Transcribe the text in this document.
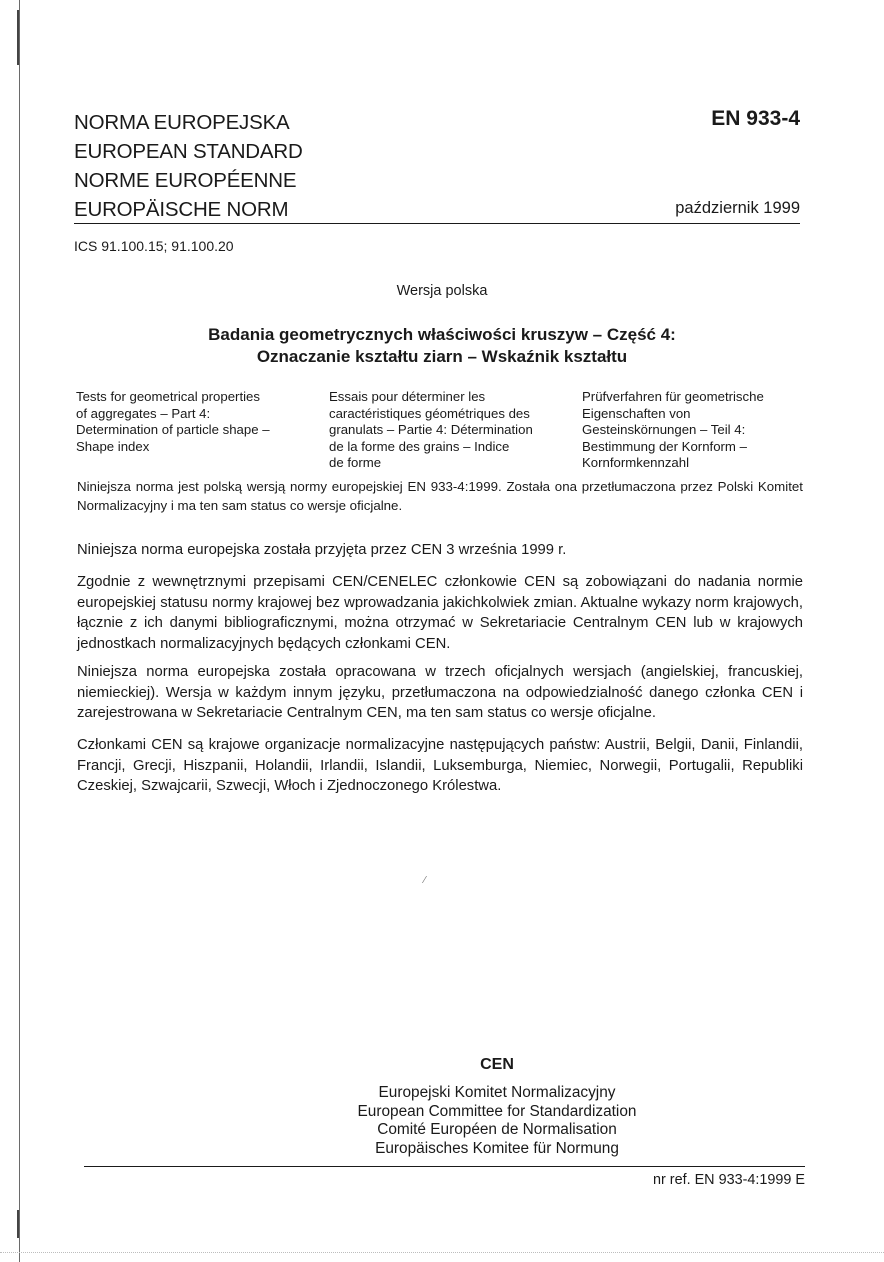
NORMA EUROPEJSKA
EUROPEAN STANDARD
NORME EUROPÉENNE
EUROPÄISCHE NORM
EN 933-4
październik 1999
ICS 91.100.15; 91.100.20
Wersja polska
Badania geometrycznych właściwości kruszyw – Część 4:
Oznaczanie kształtu ziarn – Wskaźnik kształtu
Tests for geometrical properties
of aggregates – Part 4:
Determination of particle shape –
Shape index
Essais pour déterminer les
caractéristiques géométriques des
granulats – Partie 4: Détermination
de la forme des grains – Indice
de forme
Prüfverfahren für geometrische
Eigenschaften von
Gesteinskörnungen – Teil 4:
Bestimmung der Kornform –
Kornformkennzahl

Niniejsza norma jest polską wersją normy europejskiej EN 933-4:1999. Została ona przetłumaczona przez Polski Komitet Normalizacyjny i ma ten sam status co wersje oficjalne.

Niniejsza norma europejska została przyjęta przez CEN 3 września 1999 r.

Zgodnie z wewnętrznymi przepisami CEN/CENELEC członkowie CEN są zobowiązani do nadania normie europejskiej statusu normy krajowej bez wprowadzania jakichkolwiek zmian. Aktualne wykazy norm krajowych, łącznie z ich danymi bibliograficznymi, można otrzymać w Sekretariacie Centralnym CEN lub w krajowych jednostkach normalizacyjnych będących członkami CEN.

Niniejsza norma europejska została opracowana w trzech oficjalnych wersjach (angielskiej, francuskiej, niemieckiej). Wersja w każdym innym języku, przetłumaczona na odpowiedzialność danego członka CEN i zarejestrowana w Sekretariacie Centralnym CEN, ma ten sam status co wersje oficjalne.

Członkami CEN są krajowe organizacje normalizacyjne następujących państw: Austrii, Belgii, Danii, Finlandii, Francji, Grecji, Hiszpanii, Holandii, Irlandii, Islandii, Luksemburga, Niemiec, Norwegii, Portugalii, Republiki Czeskiej, Szwajcarii, Szwecji, Włoch i Zjednoczonego Królestwa.

⁄
CEN
Europejski Komitet Normalizacyjny
European Committee for Standardization
Comité Européen de Normalisation
Europäisches Komitee für Normung
nr ref. EN 933-4:1999 E
